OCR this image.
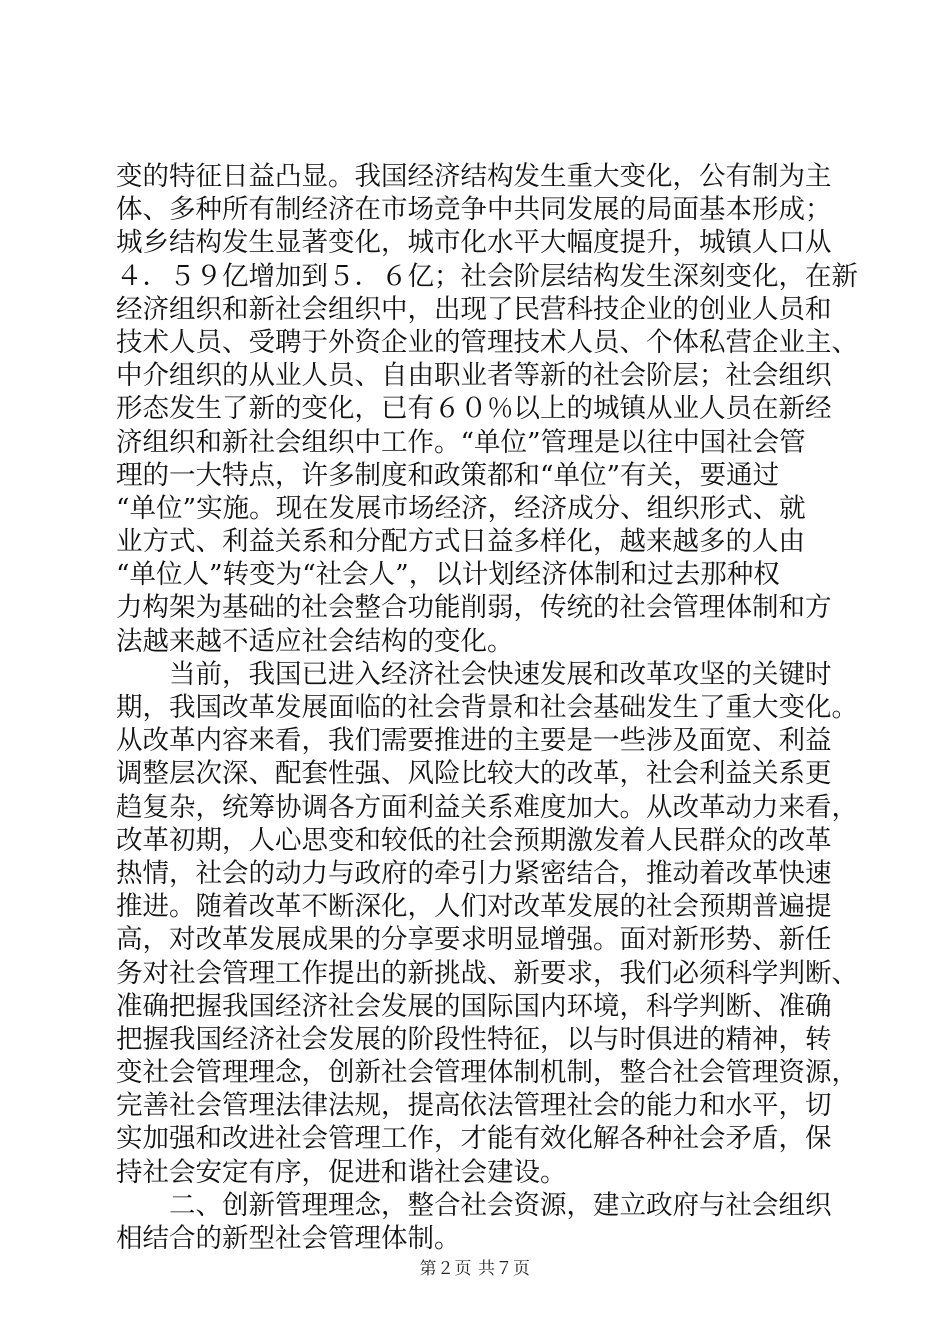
变的特征日益凸显。我国经济结构发生重大变化，公有制为主
体、多种所有制经济在市场竞争中共同发展的局面基本形成；
城乡结构发生显著变化，城市化水平大幅度提升，城镇人口从
４．５９亿增加到５．６亿；社会阶层结构发生深刻变化，在新
经济组织和新社会组织中，出现了民营科技企业的创业人员和
技术人员、受聘于外资企业的管理技术人员、个体私营企业主、
中介组织的从业人员、自由职业者等新的社会阶层；社会组织
形态发生了新的变化，已有６０％以上的城镇从业人员在新经
济组织和新社会组织中工作。“单位”管理是以往中国社会管
理的一大特点，许多制度和政策都和“单位”有关，要通过
“单位”实施。现在发展市场经济，经济成分、组织形式、就
业方式、利益关系和分配方式日益多样化，越来越多的人由
“单位人”转变为“社会人”，以计划经济体制和过去那种权
力构架为基础的社会整合功能削弱，传统的社会管理体制和方
法越来越不适应社会结构的变化。
当前，我国已进入经济社会快速发展和改革攻坚的关键时
期，我国改革发展面临的社会背景和社会基础发生了重大变化。
从改革内容来看，我们需要推进的主要是一些涉及面宽、利益
调整层次深、配套性强、风险比较大的改革，社会利益关系更
趋复杂，统筹协调各方面利益关系难度加大。从改革动力来看，
改革初期，人心思变和较低的社会预期激发着人民群众的改革
热情，社会的动力与政府的牵引力紧密结合，推动着改革快速
推进。随着改革不断深化，人们对改革发展的社会预期普遍提
高，对改革发展成果的分享要求明显增强。面对新形势、新任
务对社会管理工作提出的新挑战、新要求，我们必须科学判断、
准确把握我国经济社会发展的国际国内环境，科学判断、准确
把握我国经济社会发展的阶段性特征，以与时俱进的精神，转
变社会管理理念，创新社会管理体制机制，整合社会管理资源，
完善社会管理法律法规，提高依法管理社会的能力和水平，切
实加强和改进社会管理工作，才能有效化解各种社会矛盾，保
持社会安定有序，促进和谐社会建设。
二、创新管理理念，整合社会资源，建立政府与社会组织
相结合的新型社会管理体制。
第２页 共７页
